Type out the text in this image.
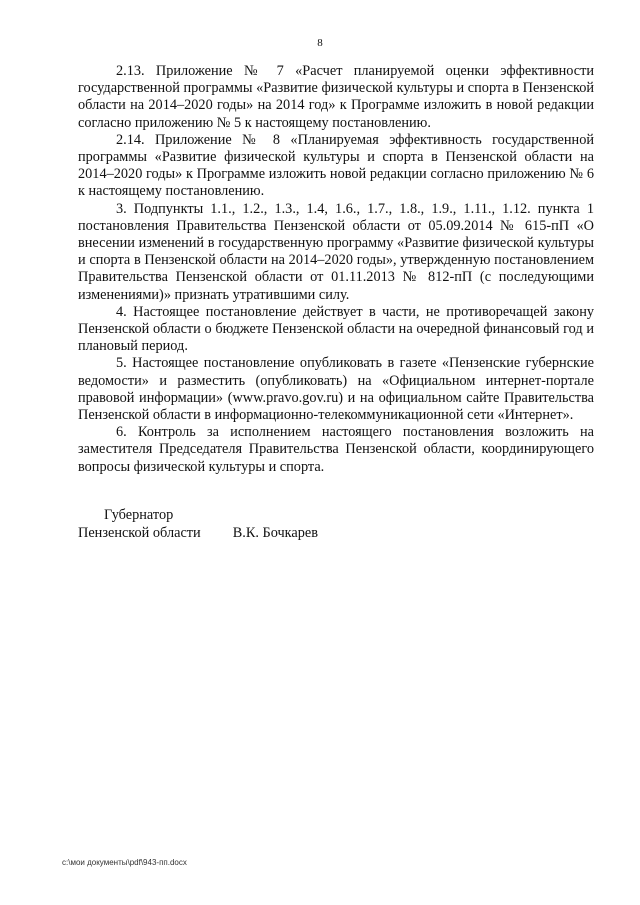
8

2.13. Приложение № 7 «Расчет планируемой оценки эффективности государственной программы «Развитие физической культуры и спорта в Пензенской области на 2014–2020 годы» на 2014 год» к Программе изложить в новой редакции согласно приложению № 5 к настоящему постановлению.

2.14. Приложение № 8 «Планируемая эффективность государственной программы «Развитие физической культуры и спорта в Пензенской области на 2014–2020 годы» к Программе изложить новой редакции согласно приложению № 6 к настоящему постановлению.

3. Подпункты 1.1., 1.2., 1.3., 1.4, 1.6., 1.7., 1.8., 1.9., 1.11., 1.12. пункта 1 постановления Правительства Пензенской области от 05.09.2014 № 615-пП «О внесении изменений в государственную программу «Развитие физической культуры и спорта в Пензенской области на 2014–2020 годы», утвержденную постановлением Правительства Пензенской области от 01.11.2013 № 812-пП (с последующими изменениями)» признать утратившими силу.

4. Настоящее постановление действует в части, не противоречащей закону Пензенской области о бюджете Пензенской области на очередной финансовый год и плановый период.

5. Настоящее постановление опубликовать в газете «Пензенские губернские ведомости» и разместить (опубликовать) на «Официальном интернет-портале правовой информации» (www.pravo.gov.ru) и на официальном сайте Правительства Пензенской области в информационно-телекоммуникационной сети «Интернет».

6. Контроль за исполнением настоящего постановления возложить на заместителя Председателя Правительства Пензенской области, координирующего вопросы физической культуры и спорта.

Губернатор

Пензенской области В.К. Бочкарев

c:\мои документы\pdf\943-пп.docx
